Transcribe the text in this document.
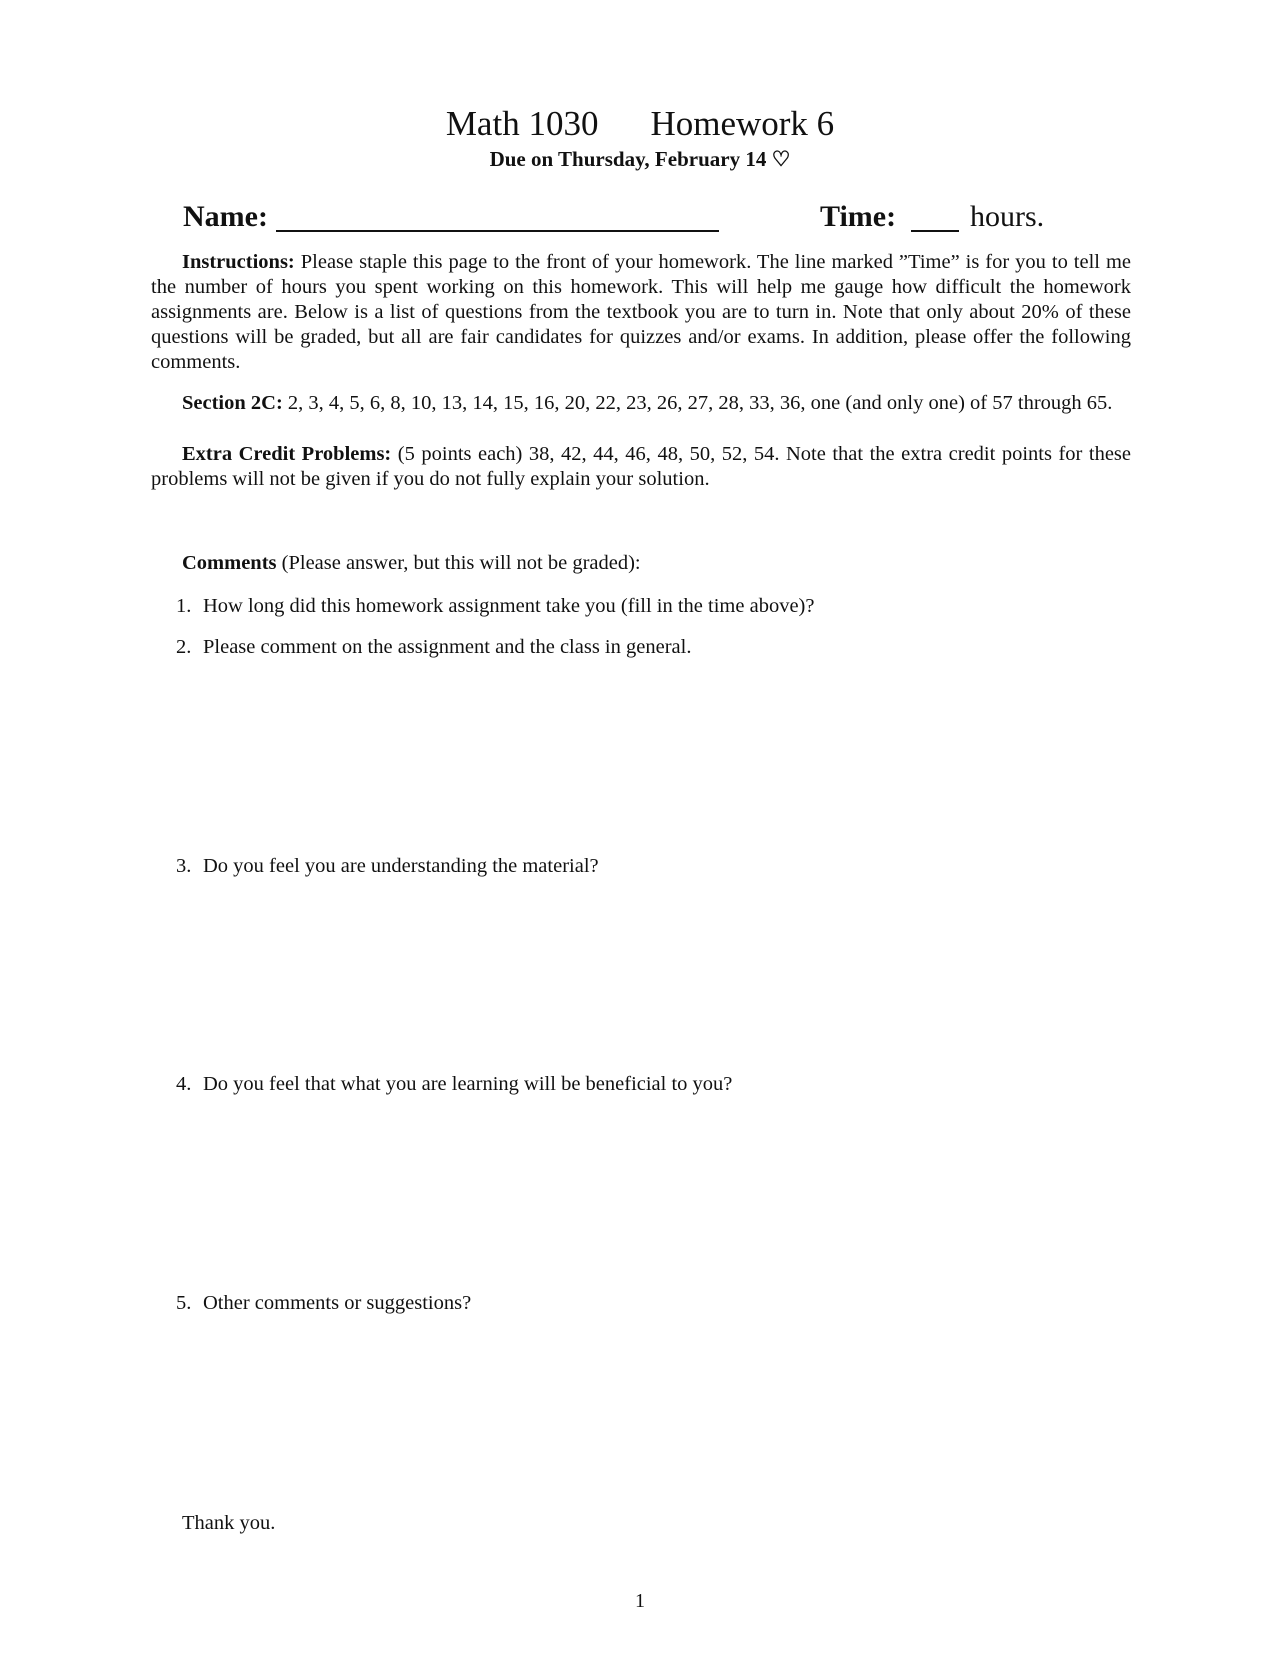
Math 1030 Homework 6
Due on Thursday, February 14 ♡
Name:	Time: hours.
Instructions: Please staple this page to the front of your homework. The line marked ”Time” is for you to tell me the number of hours you spent working on this homework. This will help me gauge how difficult the homework assignments are. Below is a list of questions from the textbook you are to turn in. Note that only about 20% of these questions will be graded, but all are fair candidates for quizzes and/or exams. In addition, please offer the following comments.
Section 2C: 2, 3, 4, 5, 6, 8, 10, 13, 14, 15, 16, 20, 22, 23, 26, 27, 28, 33, 36, one (and only one) of 57 through 65.
Extra Credit Problems: (5 points each) 38, 42, 44, 46, 48, 50, 52, 54. Note that the extra credit points for these problems will not be given if you do not fully explain your solution.
Comments (Please answer, but this will not be graded):
1. How long did this homework assignment take you (fill in the time above)?
2. Please comment on the assignment and the class in general.
3. Do you feel you are understanding the material?
4. Do you feel that what you are learning will be beneficial to you?
5. Other comments or suggestions?
Thank you.
1
